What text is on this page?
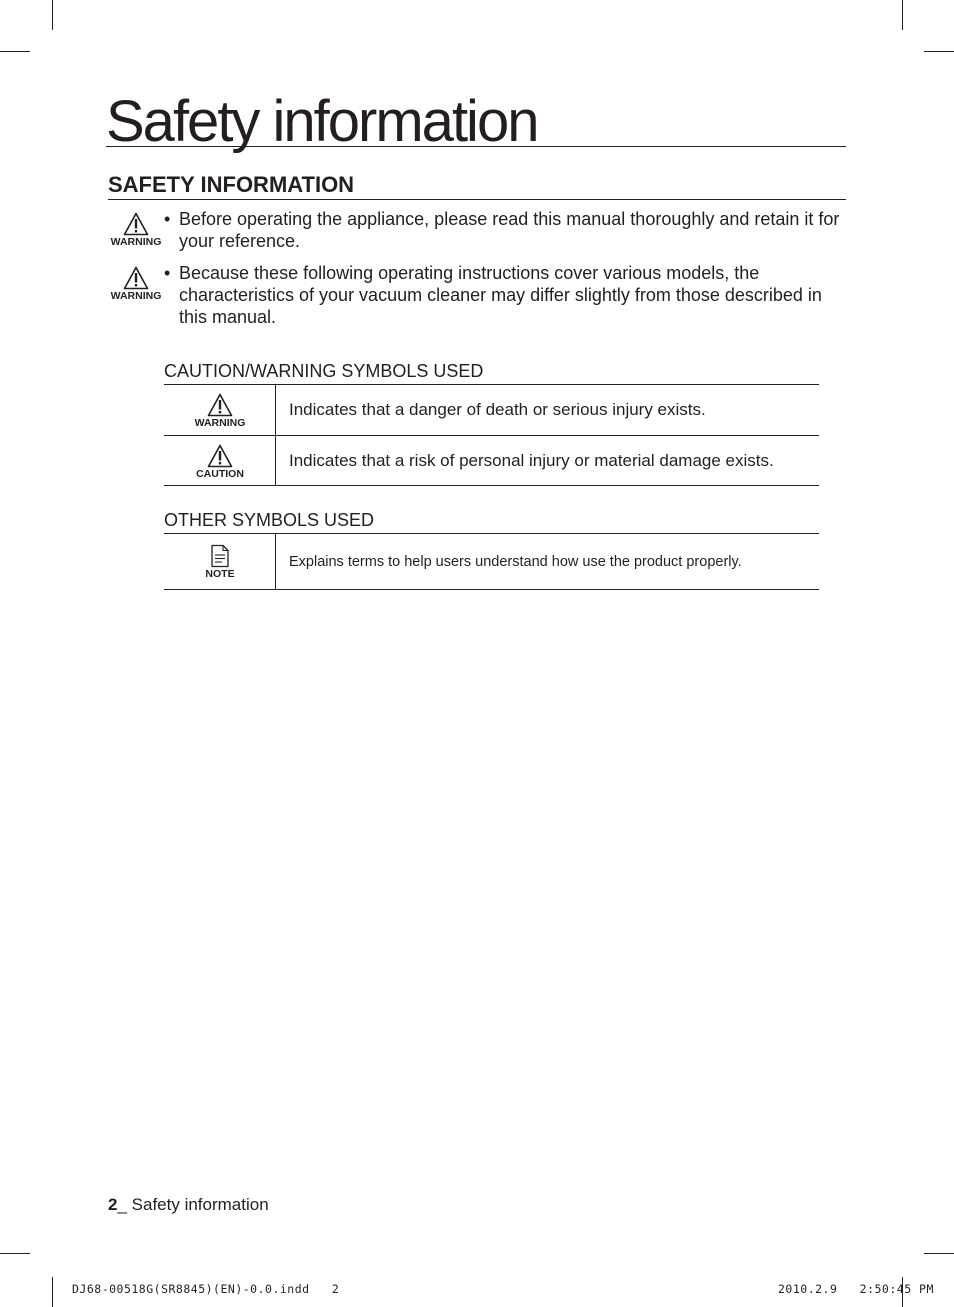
Safety information
SAFETY INFORMATION
WARNING
• Before operating the appliance, please read this manual thoroughly and retain it for your reference.
WARNING
• Because these following operating instructions cover various models, the characteristics of your vacuum cleaner may differ slightly from those described in this manual.
CAUTION/WARNING SYMBOLS USED
WARNING
Indicates that a danger of death or serious injury exists.
CAUTION
Indicates that a risk of personal injury or material damage exists.
OTHER SYMBOLS USED
NOTE
Explains terms to help users understand how use the product properly.
2_ Safety information
DJ68-00518G(SR8845)(EN)-0.0.indd   2	2010.2.9   2:50:45 PM
